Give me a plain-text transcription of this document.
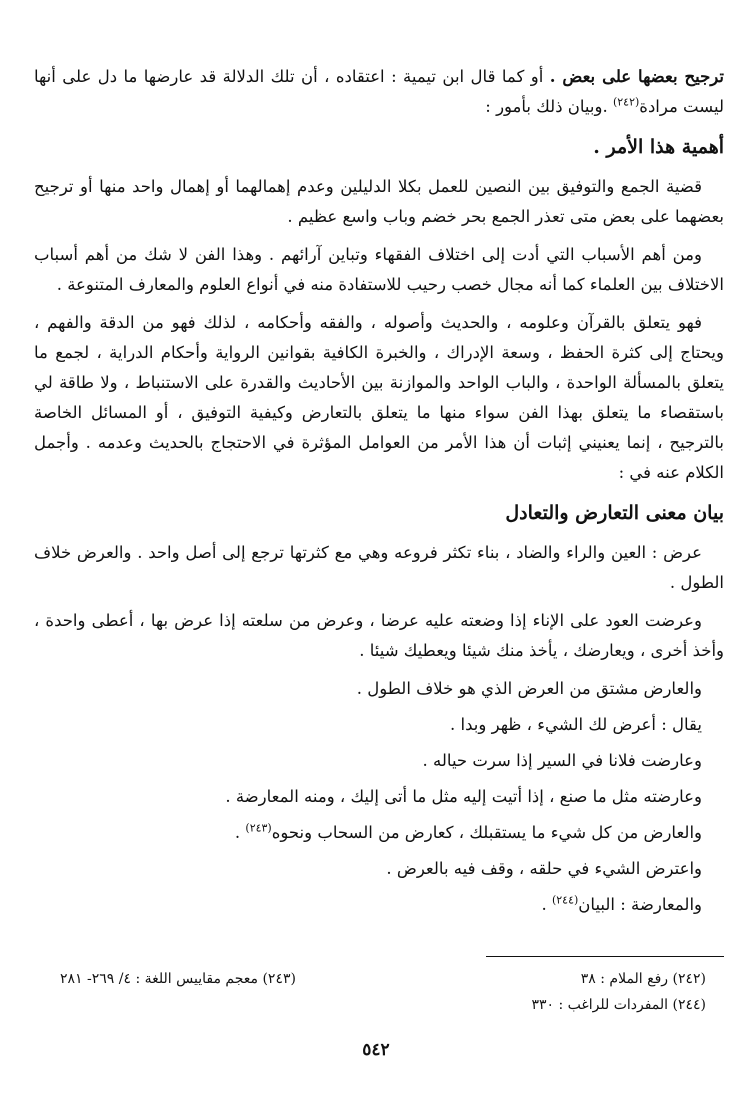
ترجيح بعضها على بعض . أو كما قال ابن تيمية : اعتقاده ، أن تلك الدلالة قد عارضها ما دل على أنها ليست مرادة$^{(٢٤٢)}$ .وبيان ذلك بأمور :

أهمية هذا الأمر .

قضية الجمع والتوفيق بين النصين للعمل بكلا الدليلين وعدم إهمالهما أو إهمال واحد منها أو ترجيح بعضهما على بعض متى تعذر الجمع بحر خضم وباب واسع عظيم .

ومن أهم الأسباب التي أدت إلى اختلاف الفقهاء وتباين آرائهم . وهذا الفن لا شك من أهم أسباب الاختلاف بين العلماء كما أنه مجال خصب رحيب للاستفادة منه في أنواع العلوم والمعارف المتنوعة .

فهو يتعلق بالقرآن وعلومه ، والحديث وأصوله ، والفقه وأحكامه ، لذلك فهو من الدقة والفهم ، ويحتاج إلى كثرة الحفظ ، وسعة الإدراك ، والخبرة الكافية بقوانين الرواية وأحكام الدراية ، لجمع ما يتعلق بالمسألة الواحدة ، والباب الواحد والموازنة بين الأحاديث والقدرة على الاستنباط ، ولا طاقة لي باستقصاء ما يتعلق بهذا الفن سواء منها ما يتعلق بالتعارض وكيفية التوفيق ، أو المسائل الخاصة بالترجيح ، إنما يعنيني إثبات أن هذا الأمر من العوامل المؤثرة في الاحتجاج بالحديث وعدمه . وأجمل الكلام عنه في :

بيان معنى التعارض والتعادل

عرض : العين والراء والضاد ، بناء تكثر فروعه وهي مع كثرتها ترجع إلى أصل واحد . والعرض خلاف الطول .

وعرضت العود على الإناء إذا وضعته عليه عرضا ، وعرض من سلعته إذا عرض بها ، أعطى واحدة ، وأخذ أخرى ، ويعارضك ، يأخذ منك شيئا ويعطيك شيئا .

والعارض مشتق من العرض الذي هو خلاف الطول .

يقال : أعرض لك الشيء ، ظهر وبدا .

وعارضت فلانا في السير إذا سرت حياله .

وعارضته مثل ما صنع ، إذا أتيت إليه مثل ما أتى إليك ، ومنه المعارضة .

والعارض من كل شيء ما يستقبلك ، كعارض من السحاب ونحوه$^{(٢٤٣)}$ .

واعترض الشيء في حلقه ، وقف فيه بالعرض .

والمعارضة : البيان$^{(٢٤٤)}$ .

(٢٤٢) رفع الملام : ٣٨
(٢٤٣) معجم مقاييس اللغة : ٤/ ٢٦٩- ٢٨١
(٢٤٤) المفردات للراغب : ٣٣٠
٥٤٢
